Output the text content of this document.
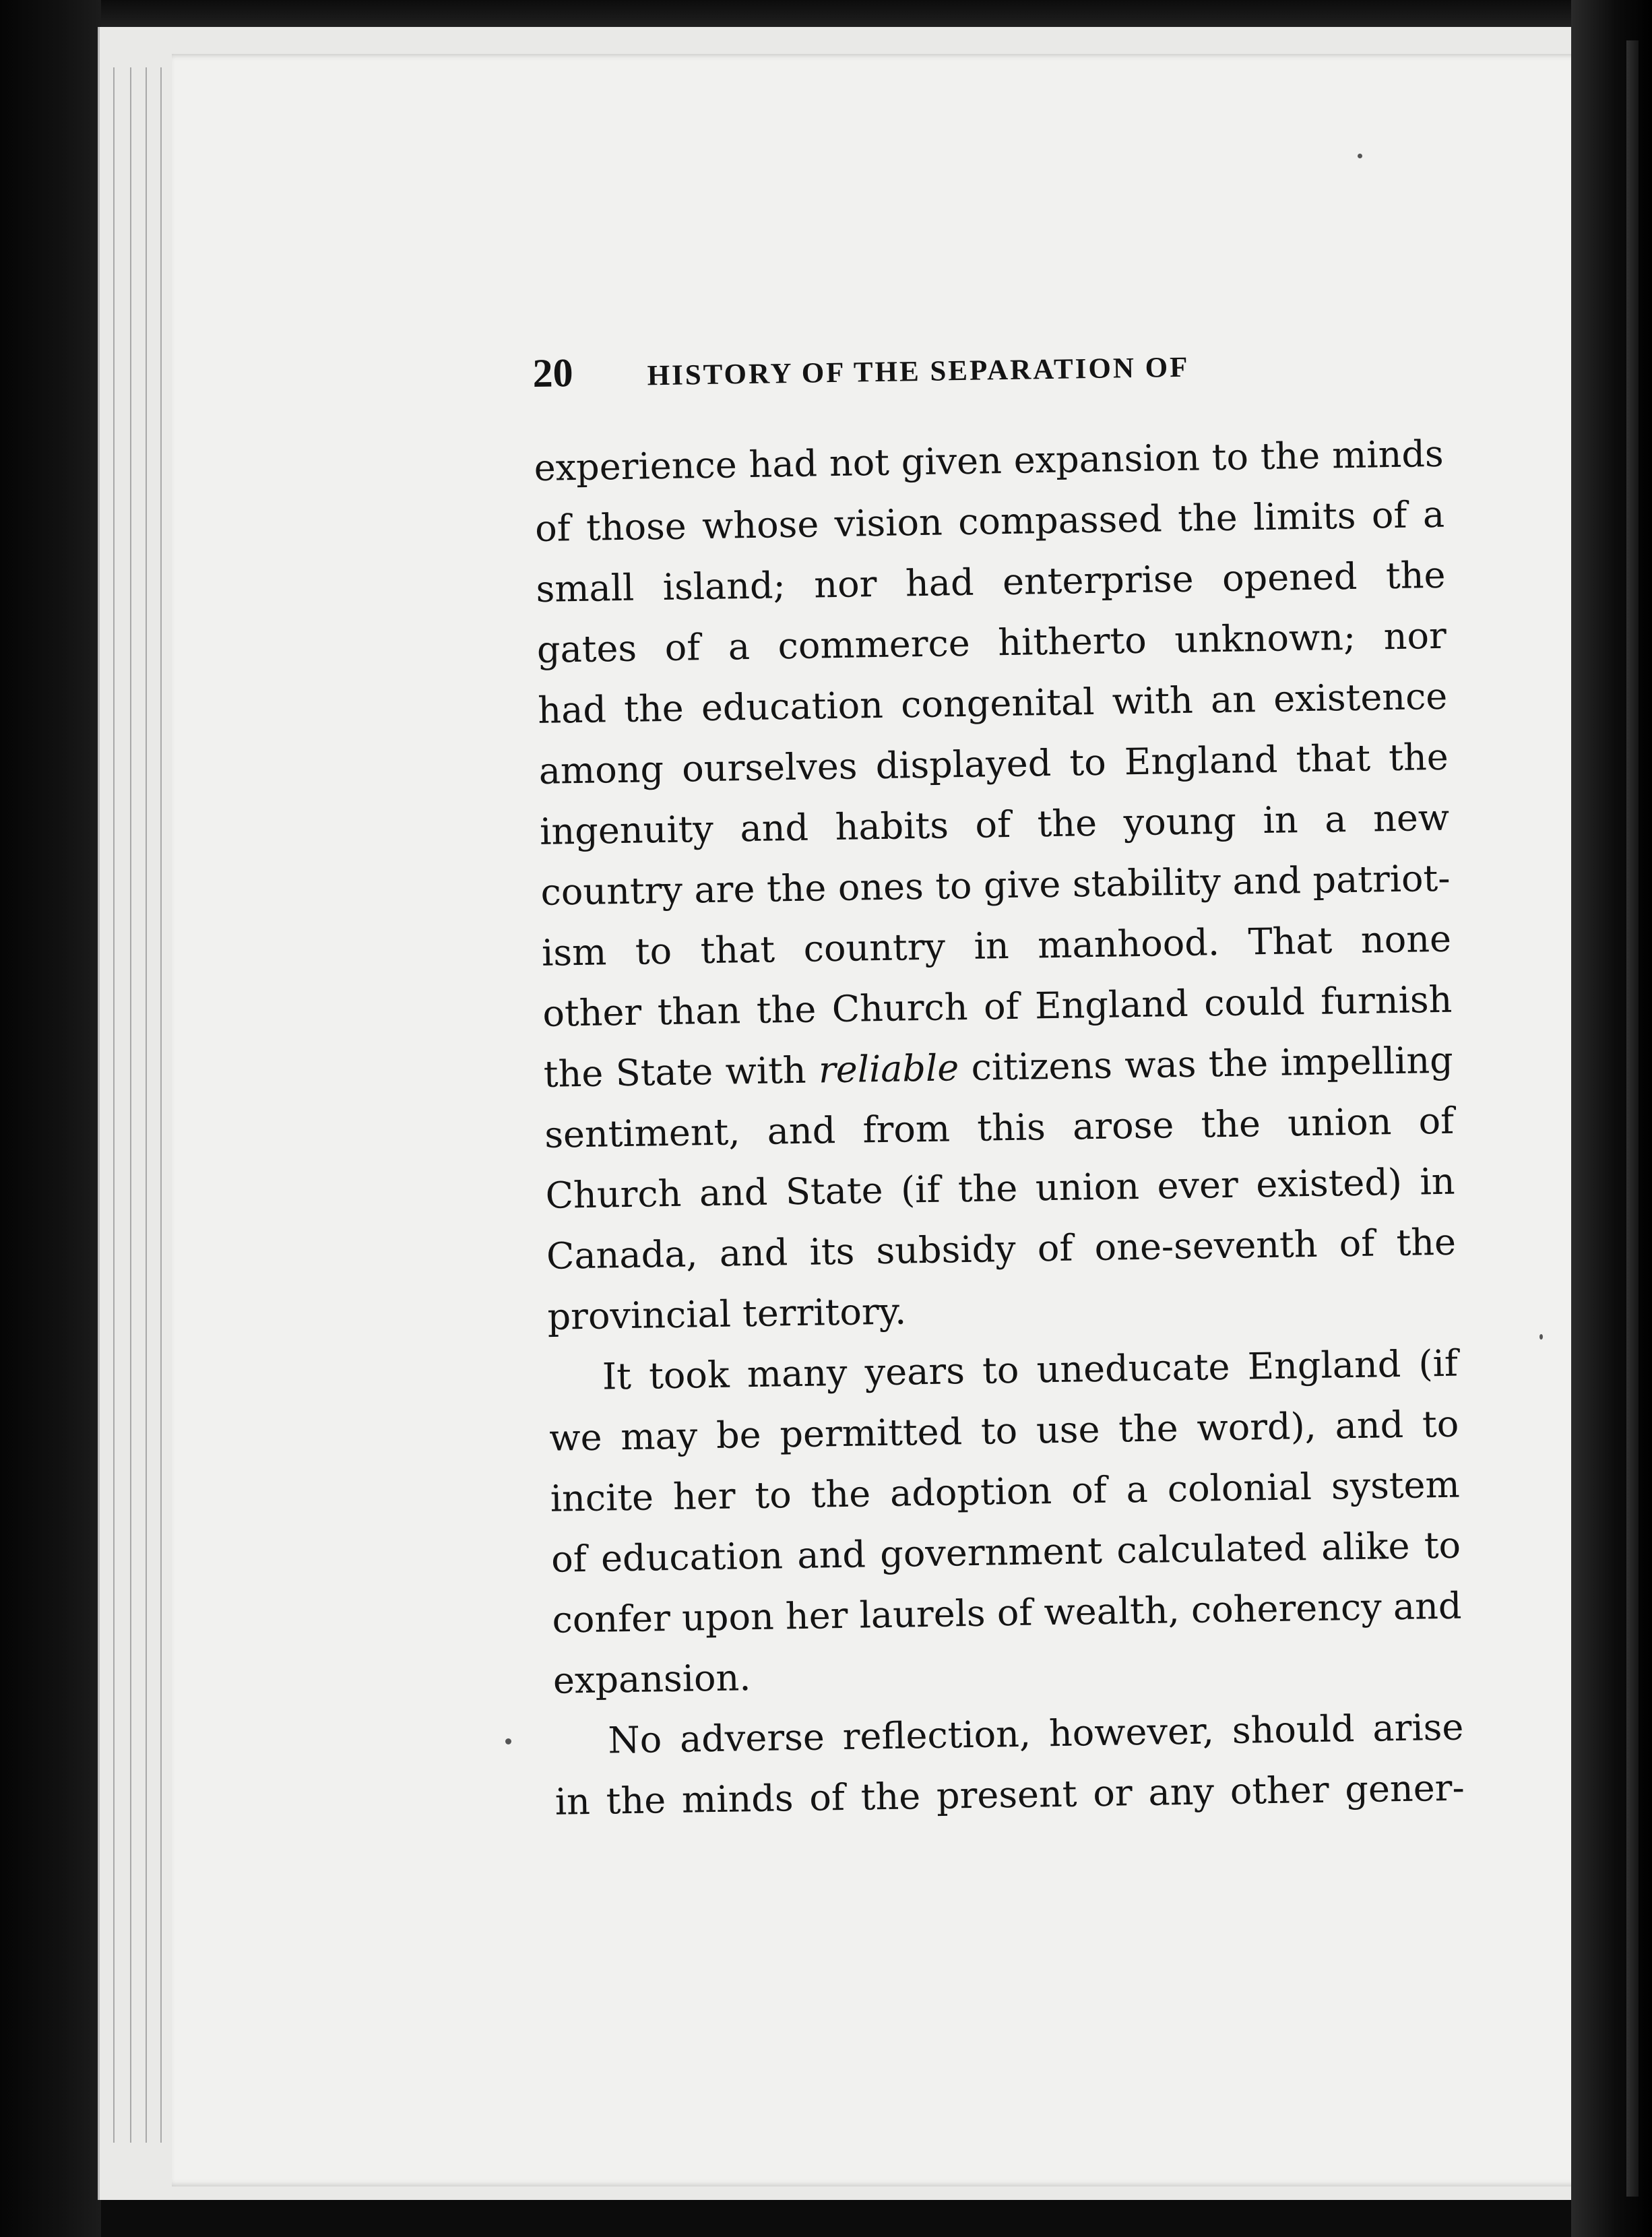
20	HISTORY OF THE SEPARATION OF
experience had not given expansion to the minds
of those whose vision compassed the limits of a
small island; nor had enterprise opened the
gates of a commerce hitherto unknown; nor
had the education congenital with an existence
among ourselves displayed to England that the
ingenuity and habits of the young in a new
country are the ones to give stability and patriot-
ism to that country in manhood. That none
other than the Church of England could furnish
the State with reliable citizens was the impelling
sentiment, and from this arose the union of
Church and State (if the union ever existed) in
Canada, and its subsidy of one-seventh of the
provincial territory.
It took many years to uneducate England (if
we may be permitted to use the word), and to
incite her to the adoption of a colonial system
of education and government calculated alike to
confer upon her laurels of wealth, coherency and
expansion.
No adverse reflection, however, should arise
in the minds of the present or any other gener-
